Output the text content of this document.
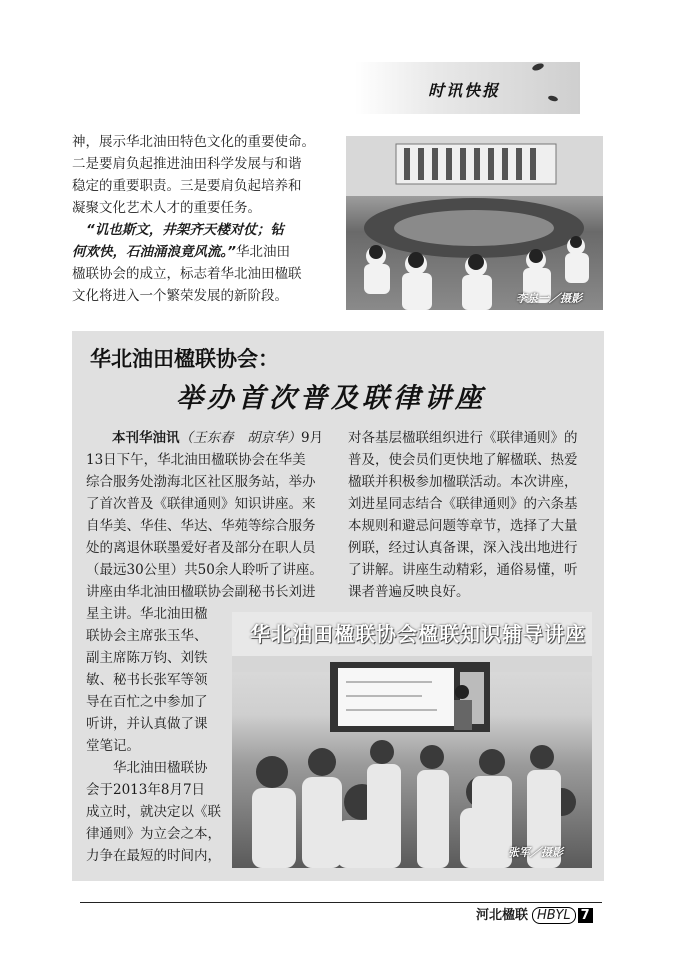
时讯快报
神，展示华北油田特色文化的重要使命。
二是要肩负起推进油田科学发展与和谐
稳定的重要职责。三是要肩负起培养和
凝聚文化艺术人才的重要任务。
“讥也斯文，井架齐天楼对仗；钻
何欢快，石油涌浪竟风流。”华北油田
楹联协会的成立，标志着华北油田楹联
文化将进入一个繁荣发展的新阶段。	李泉一／摄影
华北油田楹联协会：
举办首次普及联律讲座
本刊华油讯（王东春　胡京华）9月
13日下午，华北油田楹联协会在华美
综合服务处渤海北区社区服务站，举办
了首次普及《联律通则》知识讲座。来
自华美、华佳、华达、华苑等综合服务
处的离退休联墨爱好者及部分在职人员
（最远30公里）共50余人聆听了讲座。
讲座由华北油田楹联协会副秘书长刘进
星主讲。华北油田楹
联协会主席张玉华、
副主席陈万钧、刘铁
敏、秘书长张军等领
导在百忙之中参加了
听讲，并认真做了课
堂笔记。
　　华北油田楹联协
会于2013年8月7日
成立时，就决定以《联
律通则》为立会之本，
力争在最短的时间内，
对各基层楹联组织进行《联律通则》的
普及，使会员们更快地了解楹联、热爱
楹联并积极参加楹联活动。本次讲座，
刘进星同志结合《联律通则》的六条基
本规则和避忌问题等章节，选择了大量
例联，经过认真备课，深入浅出地进行
了讲解。讲座生动精彩，通俗易懂，听
课者普遍反映良好。
华北油田楹联协会楹联知识辅导讲座
张军／摄影
河北楹联 HBYL 7
